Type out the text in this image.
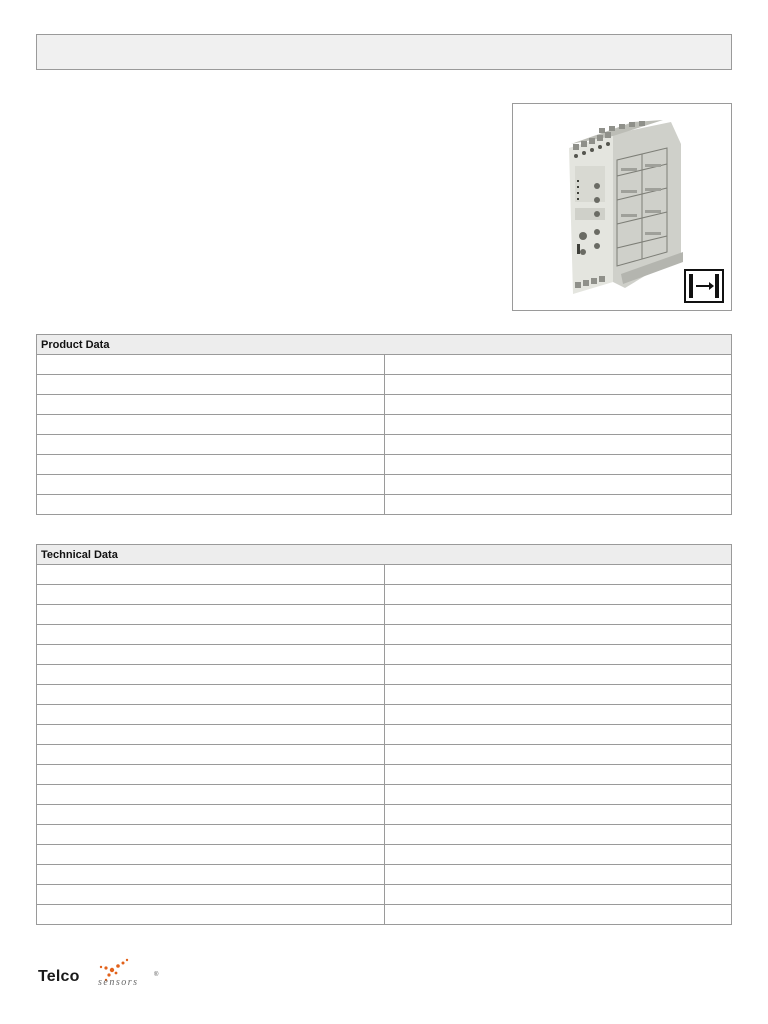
Product Data	

Technical Data	

Telco sensors
®
